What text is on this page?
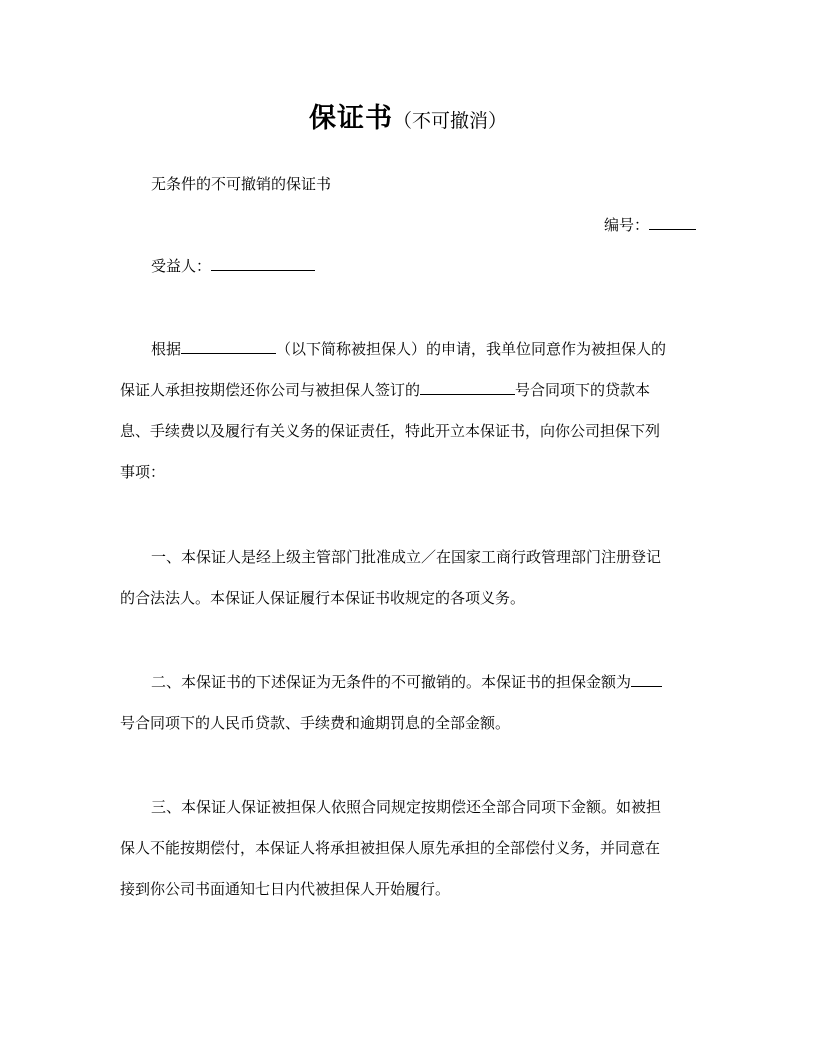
保证书（不可撤消）
无条件的不可撤销的保证书
编号：
受益人：
根据	（以下简称被担保人）的申请，我单位同意作为被担保人的
保证人承担按期偿还你公司与被担保人签订的	号合同项下的贷款本
息、手续费以及履行有关义务的保证责任，特此开立本保证书，向你公司担保下列
事项：
一、本保证人是经上级主管部门批准成立／在国家工商行政管理部门注册登记
的合法法人。本保证人保证履行本保证书收规定的各项义务。
二、本保证书的下述保证为无条件的不可撤销的。本保证书的担保金额为
号合同项下的人民币贷款、手续费和逾期罚息的全部金额。
三、本保证人保证被担保人依照合同规定按期偿还全部合同项下金额。如被担
保人不能按期偿付，本保证人将承担被担保人原先承担的全部偿付义务，并同意在
接到你公司书面通知七日内代被担保人开始履行。
